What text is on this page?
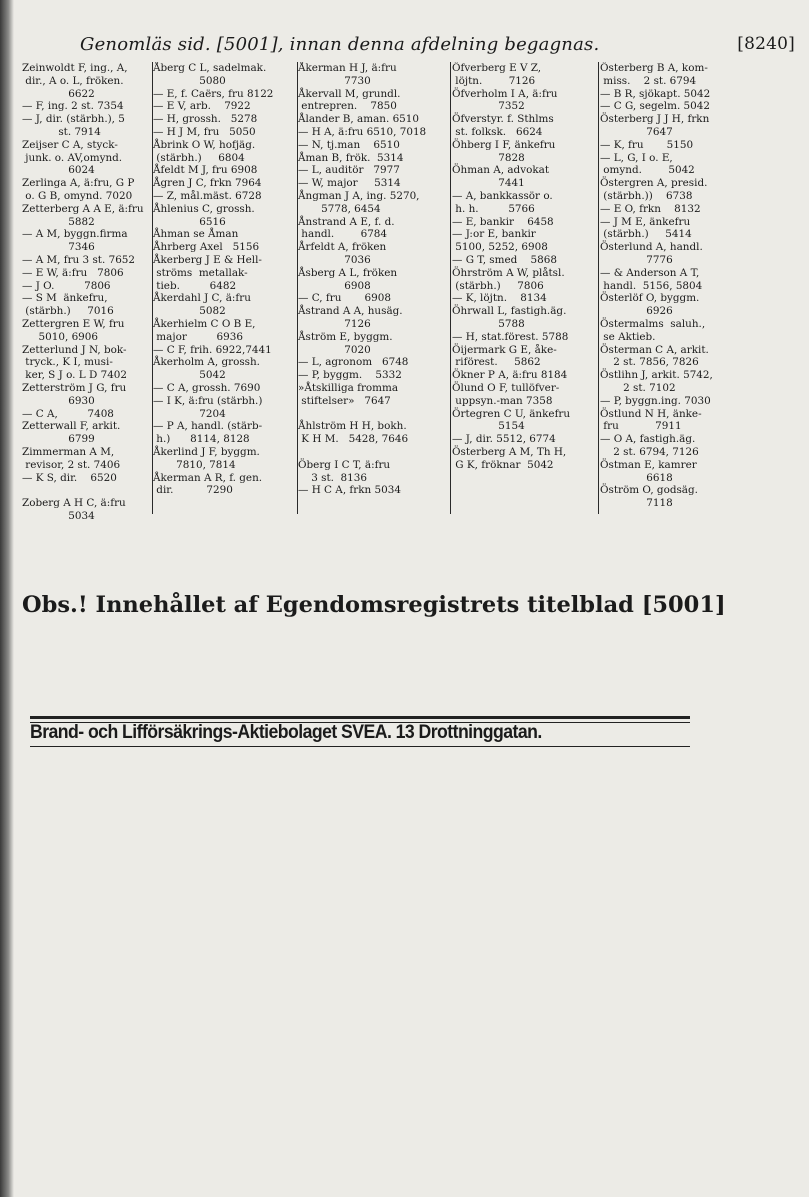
Genomläs sid. [5001], innan denna afdelning begagnas.	[8240]
Zeinwoldt F, ing., A,
dir., A o. L, fröken.
6622
— F, ing. 2 st. 7354
— J, dir. (stärbh.), 5
st. 7914
Zeijser C A, styck-
junk. o. AV,omynd.
6024
Zerlinga A, ä:fru, G P
o. G B, omynd. 7020
Zetterberg A A E, ä:fru
5882
— A M, byggn.firma
7346
— A M, fru 3 st. 7652
— E W, ä:fru   7806
— J O.         7806
— S M  änkefru,
(stärbh.)     7016
Zettergren E W, fru
5010, 6906
Zetterlund J N, bok-
tryck., K I, musi-
ker, S J o. L D 7402
Zetterström J G, fru
6930
— C A,         7408
Zetterwall F, arkit.
6799
Zimmerman A M,
revisor, 2 st. 7406
— K S, dir.    6520

Zoberg A H C, ä:fru
5034
Åberg C L, sadelmak.
5080
— E, f. Caërs, fru 8122
— E V, arb.    7922
— H, grossh.   5278
— H J M, fru   5050
Åbrink O W, hofjäg.
(stärbh.)     6804
Åfeldt M J, fru 6908
Ågren J C, frkn 7964
— Z, mål.mäst. 6728
Åhlenius C, grossh.
6516
Åhman se Åman
Åhrberg Axel   5156
Åkerberg J E & Hell-
ströms  metallak-
tieb.         6482
Åkerdahl J C, ä:fru
5082
Åkerhielm C O B E,
major         6936
— C F, frih. 6922,7441
Åkerholm A, grossh.
5042
— C A, grossh. 7690
— I K, ä:fru (stärbh.)
7204
— P A, handl. (stärb-
h.)      8114, 8128
Åkerlind J F, byggm.
7810, 7814
Åkerman A R, f. gen.
dir.          7290
Åkerman H J, ä:fru
7730
Åkervall M, grundl.
entrepren.    7850
Ålander B, aman. 6510
— H A, ä:fru 6510, 7018
— N, tj.man    6510
Åman B, frök.  5314
— L, auditör   7977
— W, major     5314
Ångman J A, ing. 5270,
5778, 6454
Ånstrand A E, f. d.
handl.        6784
Årfeldt A, fröken
7036
Åsberg A L, fröken
6908
— C, fru       6908
Åstrand A A, husäg.
7126
Åström E, byggm.
7020
— L, agronom   6748
— P, byggm.    5332
»Åtskilliga fromma
stiftelser»   7647

Åhlström H H, bokh.
K H M.   5428, 7646

Öberg I C T, ä:fru
3 st.  8136
— H C A, frkn 5034
Öfverberg E V Z,
löjtn.        7126
Öfverholm I A, ä:fru
7352
Öfverstyr. f. Sthlms
st. folksk.   6624
Öhberg I F, änkefru
7828
Öhman A, advokat
7441
— A, bankkassör o.
h. h.         5766
— E, bankir    6458
— J:or E, bankir
5100, 5252, 6908
— G T, smed    5868
Öhrström A W, plåtsl.
(stärbh.)     7806
— K, löjtn.    8134
Öhrwall L, fastigh.äg.
5788
— H, stat.förest. 5788
Öijermark G E, åke-
riförest.     5862
Ökner P A, ä:fru 8184
Ölund O F, tullöfver-
uppsyn.-man 7358
Örtegren C U, änkefru
5154
— J, dir. 5512, 6774
Österberg A M, Th H,
G K, fröknar  5042
Österberg B A, kom-
miss.    2 st. 6794
— B R, sjökapt. 5042
— C G, segelm. 5042
Österberg J J H, frkn
7647
— K, fru       5150
— L, G, I o. E,
omynd.        5042
Östergren A, presid.
(stärbh.))    6738
— E O, frkn    8132
— J M E, änkefru
(stärbh.)     5414
Österlund A, handl.
7776
— & Anderson A T,
handl.  5156, 5804
Österlöf O, byggm.
6926
Östermalms  saluh.,
se Aktieb.
Österman C A, arkit.
2 st. 7856, 7826
Östlihn J, arkit. 5742,
2 st. 7102
— P, byggn.ing. 7030
Östlund N H, änke-
fru           7911
— O A, fastigh.äg.
2 st. 6794, 7126
Östman E, kamrer
6618
Öström O, godsäg.
7118
Obs.! Innehållet af Egendomsregistrets titelblad [5001]
Brand- och Lifförsäkrings-Aktiebolaget SVEA. 13 Drottninggatan.
